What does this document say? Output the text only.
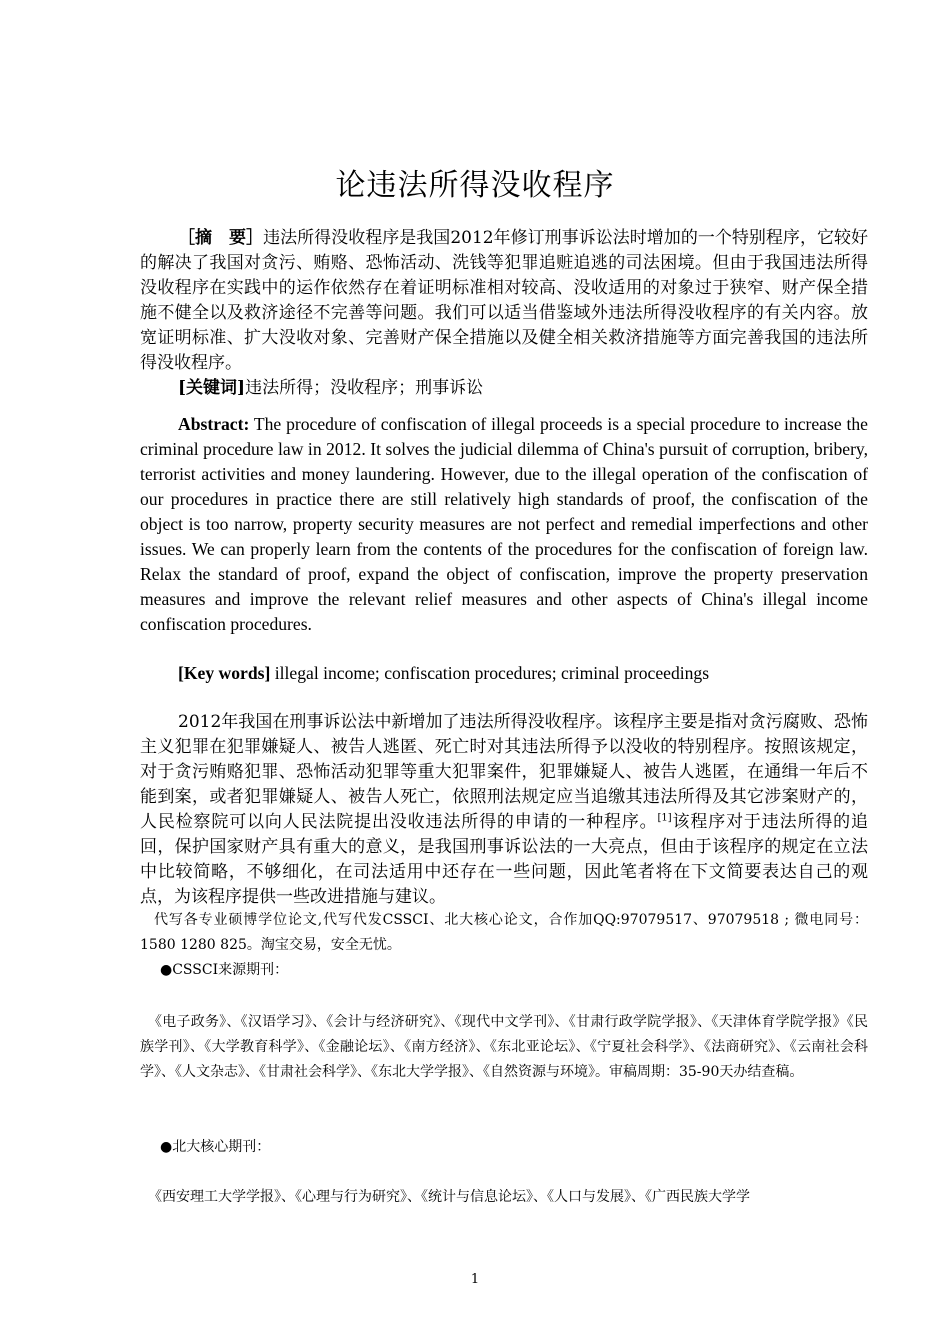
论违法所得没收程序

［摘　要］违法所得没收程序是我国2012年修订刑事诉讼法时增加的一个特别程序，它较好的解决了我国对贪污、贿赂、恐怖活动、洗钱等犯罪追赃追逃的司法困境。但由于我国违法所得没收程序在实践中的运作依然存在着证明标准相对较高、没收适用的对象过于狭窄、财产保全措施不健全以及救济途径不完善等问题。我们可以适当借鉴域外违法所得没收程序的有关内容。放宽证明标准、扩大没收对象、完善财产保全措施以及健全相关救济措施等方面完善我国的违法所得没收程序。

[关键词]违法所得；没收程序；刑事诉讼

Abstract: The procedure of confiscation of illegal proceeds is a special procedure to increase the criminal procedure law in 2012. It solves the judicial dilemma of China's pursuit of corruption, bribery, terrorist activities and money laundering. However, due to the illegal operation of the confiscation of our procedures in practice there are still relatively high standards of proof, the confiscation of the object is too narrow, property security measures are not perfect and remedial imperfections and other issues. We can properly learn from the contents of the procedures for the confiscation of foreign law. Relax the standard of proof, expand the object of confiscation, improve the property preservation measures and improve the relevant relief measures and other aspects of China's illegal income confiscation procedures.

[Key words] illegal income; confiscation procedures; criminal proceedings

2012年我国在刑事诉讼法中新增加了违法所得没收程序。该程序主要是指对贪污腐败、恐怖主义犯罪在犯罪嫌疑人、被告人逃匿、死亡时对其违法所得予以没收的特别程序。按照该规定，对于贪污贿赂犯罪、恐怖活动犯罪等重大犯罪案件，犯罪嫌疑人、被告人逃匿，在通缉一年后不能到案，或者犯罪嫌疑人、被告人死亡，依照刑法规定应当追缴其违法所得及其它涉案财产的，人民检察院可以向人民法院提出没收违法所得的申请的一种程序。[1]该程序对于违法所得的追回，保护国家财产具有重大的意义，是我国刑事诉讼法的一大亮点，但由于该程序的规定在立法中比较简略，不够细化，在司法适用中还存在一些问题，因此笔者将在下文简要表达自己的观点，为该程序提供一些改进措施与建议。

代写各专业硕博学位论文,代写代发CSSCI、北大核心论文，合作加QQ:97079517、97079518 ; 微电同号：1580 1280 825。淘宝交易，安全无忧。

●CSSCI来源期刊：

《电子政务》、《汉语学习》、《会计与经济研究》、《现代中文学刊》、《甘肃行政学院学报》、《天津体育学院学报》《民族学刊》、《大学教育科学》、《金融论坛》、《南方经济》、《东北亚论坛》、《宁夏社会科学》、《法商研究》、《云南社会科学》、《人文杂志》、《甘肃社会科学》、《东北大学学报》、《自然资源与环境》。审稿周期：35-90天办结查稿。

●北大核心期刊：

《西安理工大学学报》、《心理与行为研究》、《统计与信息论坛》、《人口与发展》、《广西民族大学学

1
